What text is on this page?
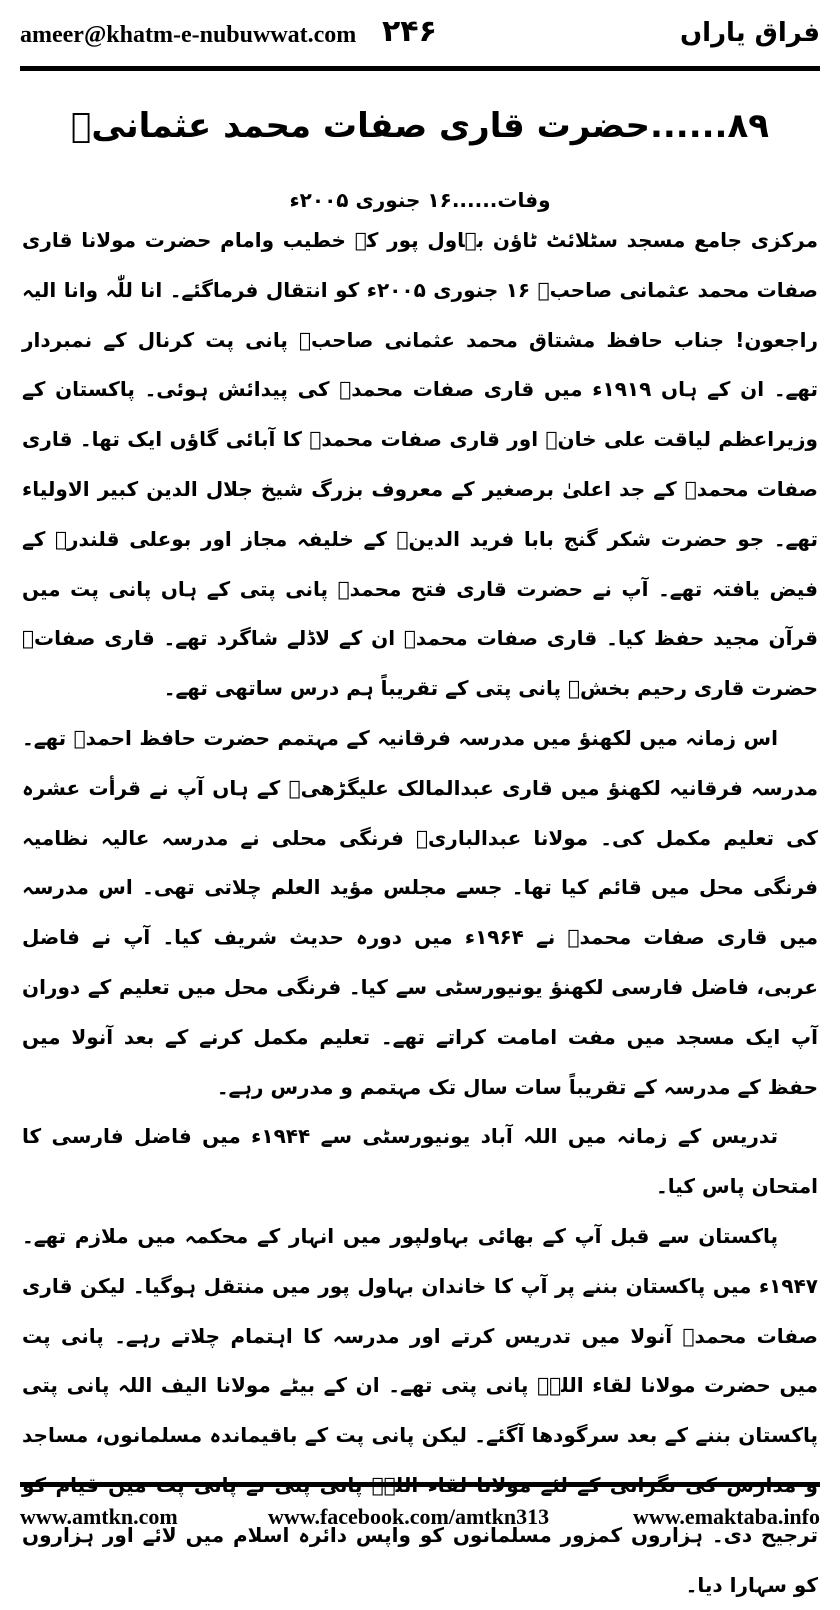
ameer@khatm-e-nubuwwat.com ۲۴۶	فراق یاراں
۸۹......حضرت قاری صفات محمد عثمانیؒ
وفات......۱۶ جنوری ۲۰۰۵ء

مرکزی جامع مسجد سٹلائٹ ٹاؤن بہاول پور کے خطیب وامام حضرت مولانا قاری صفات محمد عثمانی صاحبؒ ۱۶ جنوری ۲۰۰۵ء کو انتقال فرماگئے۔ انا للّٰہ وانا الیہ راجعون! جناب حافظ مشتاق محمد عثمانی صاحبؒ پانی پت کرنال کے نمبردار تھے۔ ان کے ہاں ۱۹۱۹ء میں قاری صفات محمدؒ کی پیدائش ہوئی۔ پاکستان کے وزیراعظم لیاقت علی خانؒ اور قاری صفات محمدؒ کا آبائی گاؤں ایک تھا۔ قاری صفات محمدؒ کے جد اعلیٰ برصغیر کے معروف بزرگ شیخ جلال الدین کبیر الاولیاء تھے۔ جو حضرت شکر گنج بابا فرید الدینؒ کے خلیفہ مجاز اور بوعلی قلندرؒ کے فیض یافتہ تھے۔ آپ نے حضرت قاری فتح محمدؒ پانی پتی کے ہاں پانی پت میں قرآن مجید حفظ کیا۔ قاری صفات محمدؒ ان کے لاڈلے شاگرد تھے۔ قاری صفاتؒ حضرت قاری رحیم بخشؒ پانی پتی کے تقریباً ہم درس ساتھی تھے۔

اس زمانہ میں لکھنؤ میں مدرسہ فرقانیہ کے مہتمم حضرت حافظ احمدؒ تھے۔ مدرسہ فرقانیہ لکھنؤ میں قاری عبدالمالک علیگڑھیؒ کے ہاں آپ نے قرأت عشرہ کی تعلیم مکمل کی۔ مولانا عبدالباریؒ فرنگی محلی نے مدرسہ عالیہ نظامیہ فرنگی محل میں قائم کیا تھا۔ جسے مجلس مؤید العلم چلاتی تھی۔ اس مدرسہ میں قاری صفات محمدؒ نے ۱۹۶۴ء میں دورہ حدیث شریف کیا۔ آپ نے فاضل عربی، فاضل فارسی لکھنؤ یونیورسٹی سے کیا۔ فرنگی محل میں تعلیم کے دوران آپ ایک مسجد میں مفت امامت کراتے تھے۔ تعلیم مکمل کرنے کے بعد آنولا میں حفظ کے مدرسہ کے تقریباً سات سال تک مہتمم و مدرس رہے۔

تدریس کے زمانہ میں اللہ آباد یونیورسٹی سے ۱۹۴۴ء میں فاضل فارسی کا امتحان پاس کیا۔

پاکستان سے قبل آپ کے بھائی بہاولپور میں انہار کے محکمہ میں ملازم تھے۔ ۱۹۴۷ء میں پاکستان بننے پر آپ کا خاندان بہاول پور میں منتقل ہوگیا۔ لیکن قاری صفات محمدؒ آنولا میں تدریس کرتے اور مدرسہ کا اہتمام چلاتے رہے۔ پانی پت میں حضرت مولانا لقاء اللہؒ پانی پتی تھے۔ ان کے بیٹے مولانا الیف اللہ پانی پتی پاکستان بننے کے بعد سرگودھا آگئے۔ لیکن پانی پت کے باقیماندہ مسلمانوں، مساجد ترجیح دی۔ ہزاروں کمزور مسلمانوں کو واپس دائرہ اسلام میں لائے اور ہزاروں کو سہارا دیا۔

www.amtkn.com	www.facebook.com/amtkn313	www.emaktaba.info
